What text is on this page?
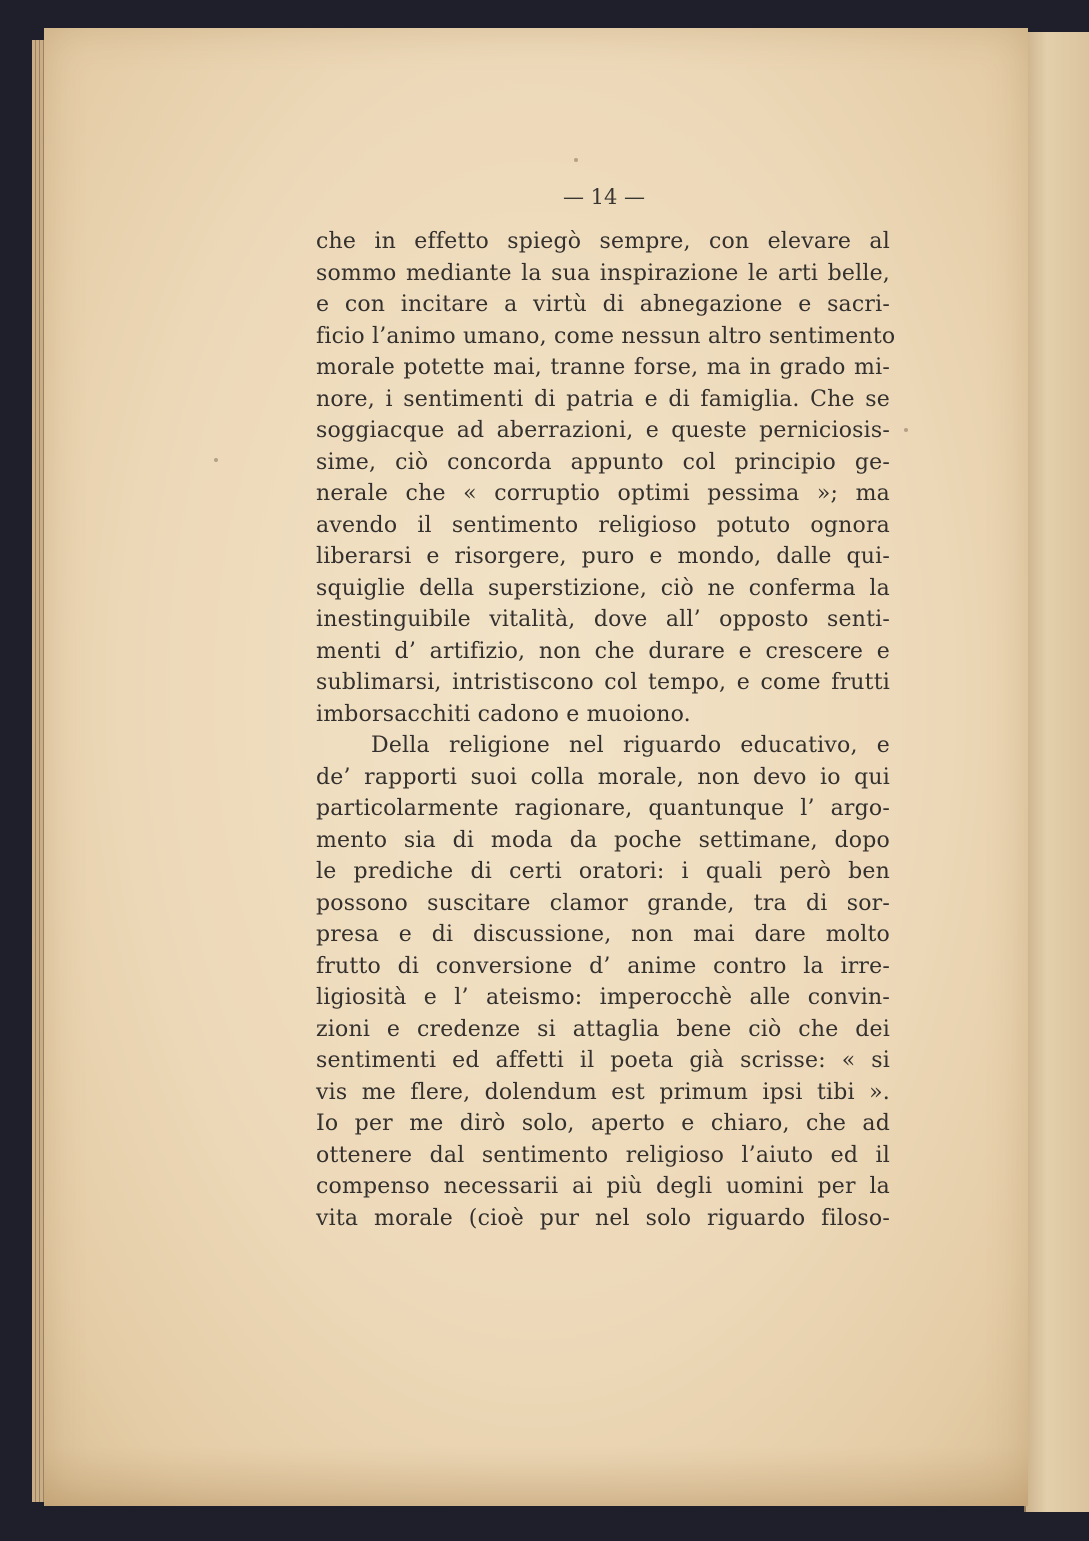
— 14 —
che in effetto spiegò sempre, con elevare al
sommo mediante la sua inspirazione le arti belle,
e con incitare a virtù di abnegazione e sacri-
ficio l’animo umano, come nessun altro sentimento
morale potette mai, tranne forse, ma in grado mi-
nore, i sentimenti di patria e di famiglia. Che se
soggiacque ad aberrazioni, e queste perniciosis-
sime, ciò concorda appunto col principio ge-
nerale che « corruptio optimi pessima »; ma
avendo il sentimento religioso potuto ognora
liberarsi e risorgere, puro e mondo, dalle qui-
squiglie della superstizione, ciò ne conferma la
inestinguibile vitalità, dove all’ opposto senti-
menti d’ artifizio, non che durare e crescere e
sublimarsi, intristiscono col tempo, e come frutti
imborsacchiti cadono e muoiono.
Della religione nel riguardo educativo, e
de’ rapporti suoi colla morale, non devo io qui
particolarmente ragionare, quantunque l’ argo-
mento sia di moda da poche settimane, dopo
le prediche di certi oratori: i quali però ben
possono suscitare clamor grande, tra di sor-
presa e di discussione, non mai dare molto
frutto di conversione d’ anime contro la irre-
ligiosità e l’ ateismo: imperocchè alle convin-
zioni e credenze si attaglia bene ciò che dei
sentimenti ed affetti il poeta già scrisse: « si
vis me flere, dolendum est primum ipsi tibi ».
Io per me dirò solo, aperto e chiaro, che ad
ottenere dal sentimento religioso l’aiuto ed il
compenso necessarii ai più degli uomini per la
vita morale (cioè pur nel solo riguardo filoso-
